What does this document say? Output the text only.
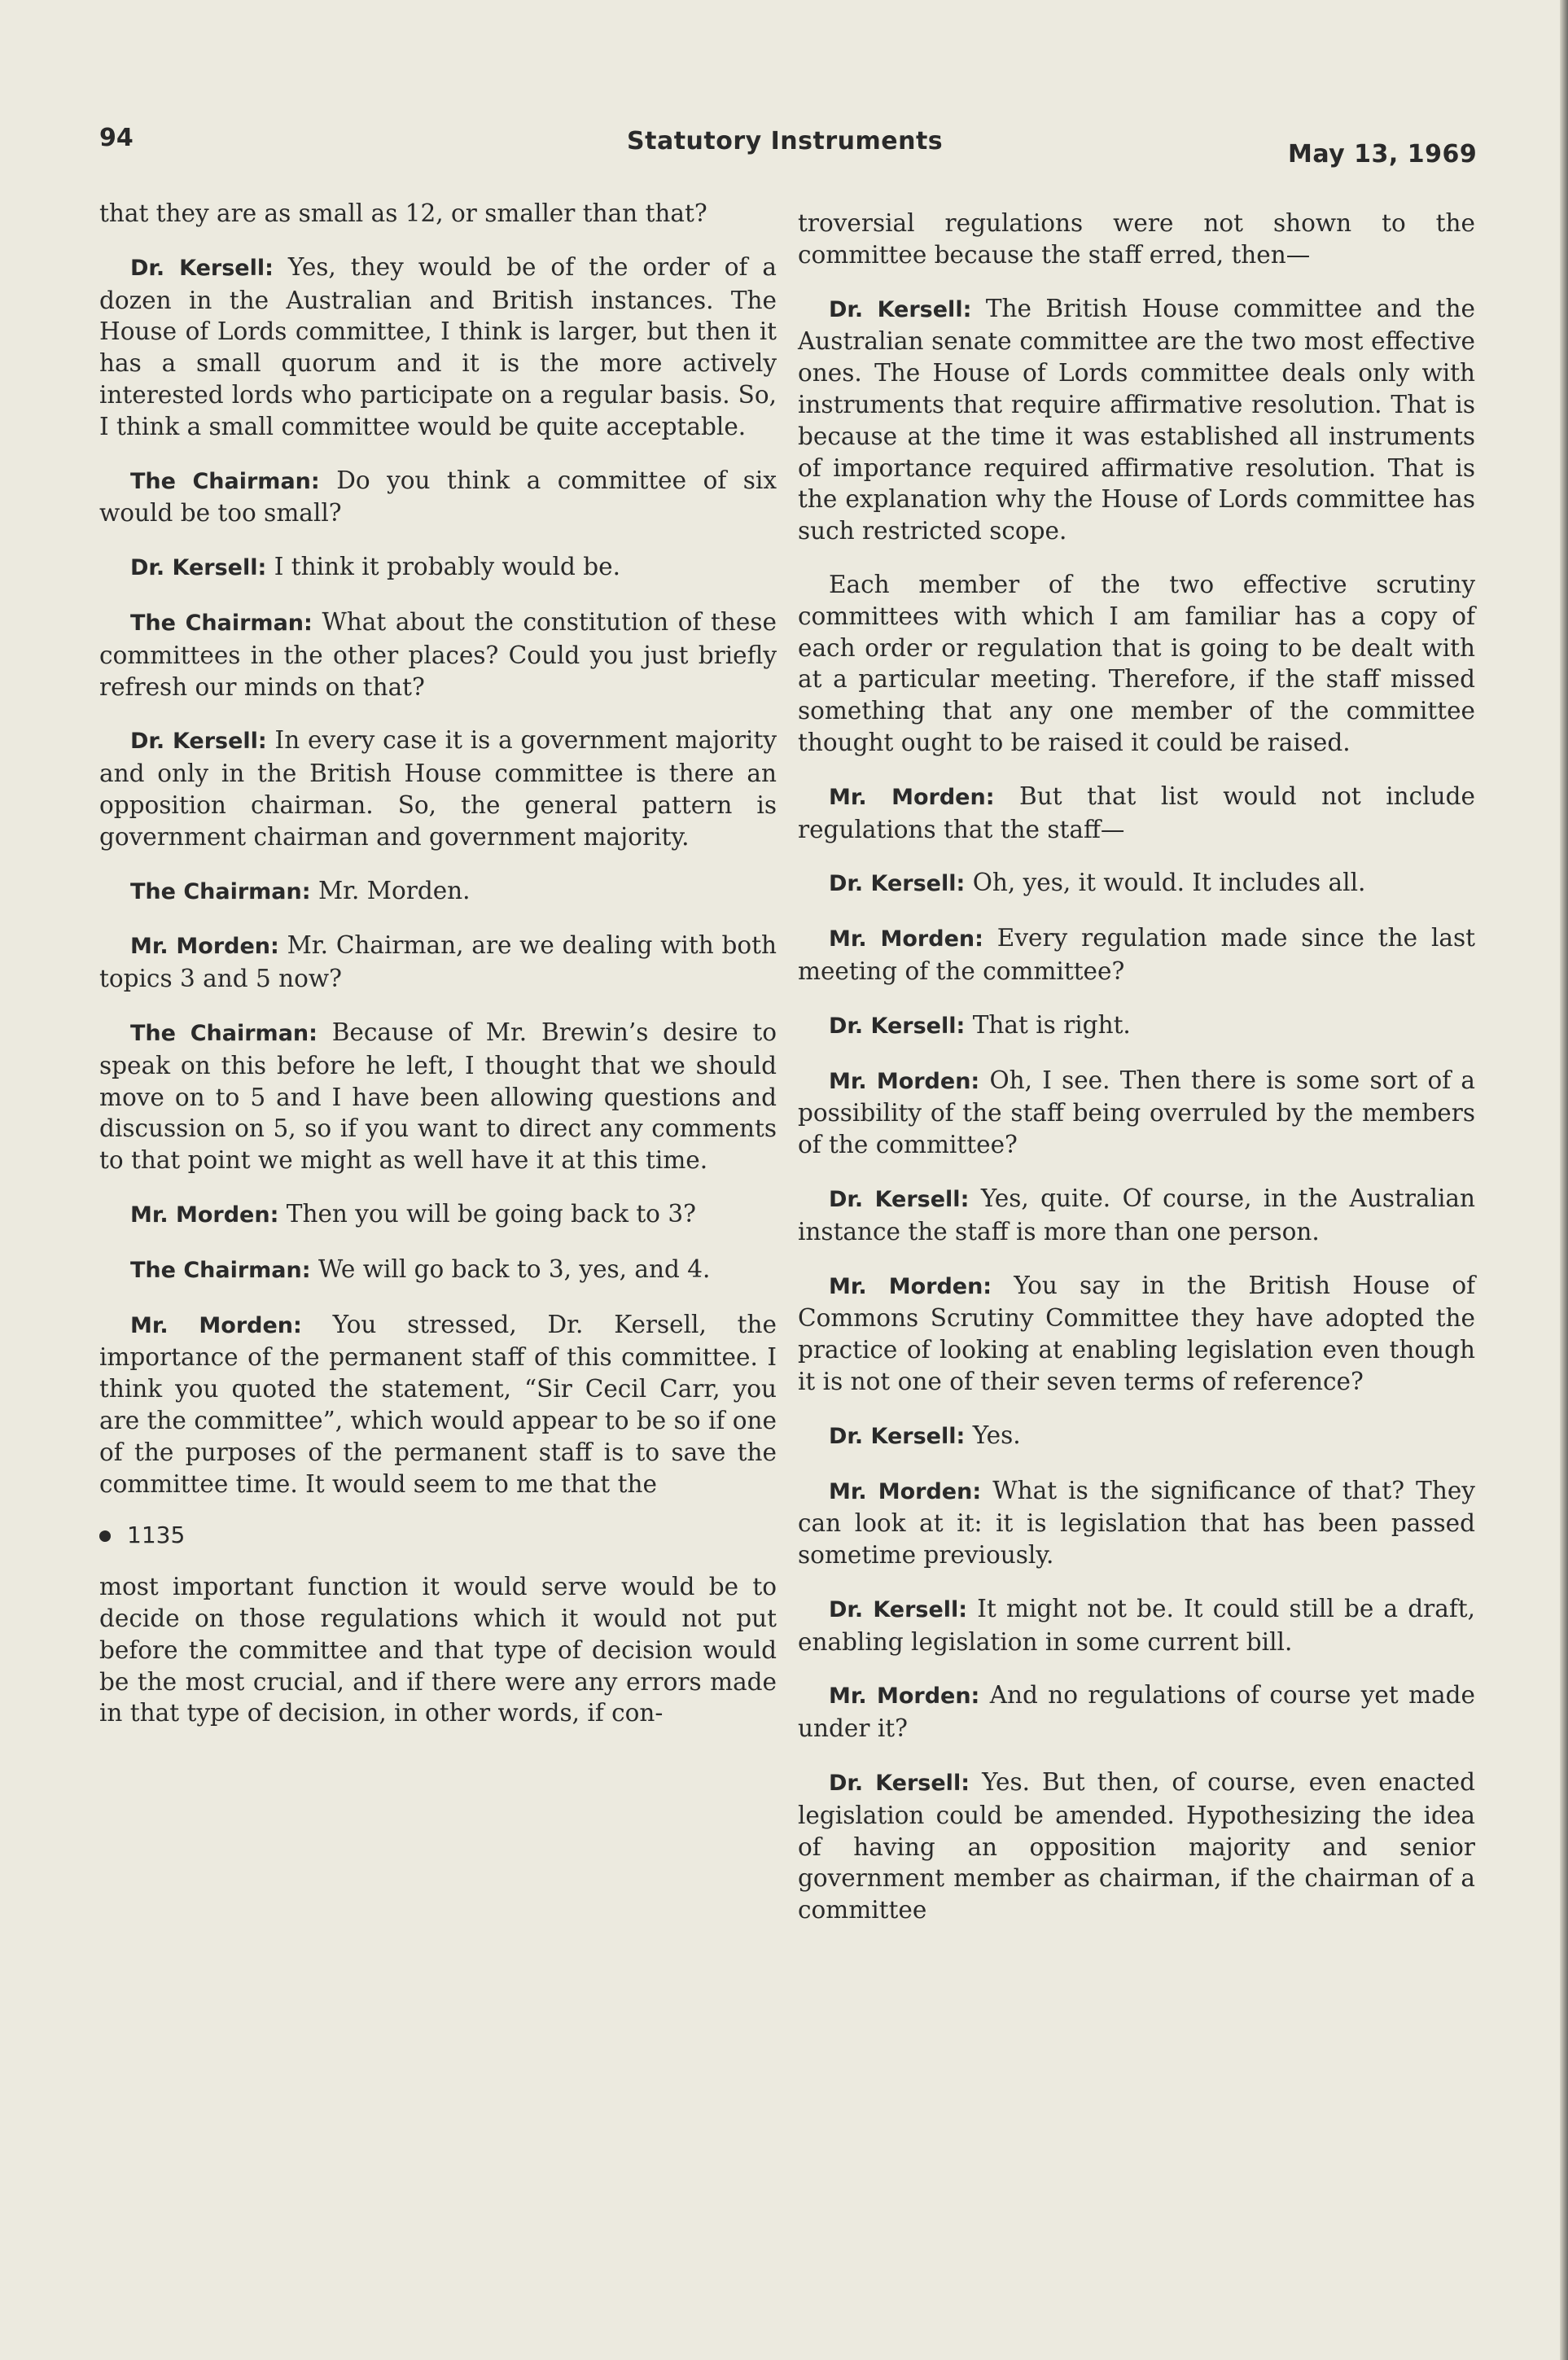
94	Statutory Instruments	May 13, 1969

that they are as small as 12, or smaller than that?

Dr. Kersell: Yes, they would be of the order of a dozen in the Australian and British instances. The House of Lords committee, I think is larger, but then it has a small quorum and it is the more actively interested lords who participate on a regular basis. So, I think a small committee would be quite acceptable.

The Chairman: Do you think a committee of six would be too small?

Dr. Kersell: I think it probably would be.

The Chairman: What about the constitution of these committees in the other places? Could you just briefly refresh our minds on that?

Dr. Kersell: In every case it is a government majority and only in the British House committee is there an opposition chairman. So, the general pattern is government chairman and government majority.

The Chairman: Mr. Morden.

Mr. Morden: Mr. Chairman, are we dealing with both topics 3 and 5 now?

The Chairman: Because of Mr. Brewin’s desire to speak on this before he left, I thought that we should move on to 5 and I have been allowing questions and discussion on 5, so if you want to direct any comments to that point we might as well have it at this time.

Mr. Morden: Then you will be going back to 3?

The Chairman: We will go back to 3, yes, and 4.

Mr. Morden: You stressed, Dr. Kersell, the importance of the permanent staff of this committee. I think you quoted the statement, “Sir Cecil Carr, you are the committee”, which would appear to be so if one of the purposes of the permanent staff is to save the committee time. It would seem to me that the

1135

most important function it would serve would be to decide on those regulations which it would not put before the committee and that type of decision would be the most crucial, and if there were any errors made in that type of decision, in other words, if con-

troversial regulations were not shown to the committee because the staff erred, then—

Dr. Kersell: The British House committee and the Australian senate committee are the two most effective ones. The House of Lords committee deals only with instruments that require affirmative resolution. That is because at the time it was established all instruments of importance required affirmative resolution. That is the explanation why the House of Lords committee has such restricted scope.

Each member of the two effective scrutiny committees with which I am familiar has a copy of each order or regulation that is going to be dealt with at a particular meeting. Therefore, if the staff missed something that any one member of the committee thought ought to be raised it could be raised.

Mr. Morden: But that list would not include regulations that the staff—

Dr. Kersell: Oh, yes, it would. It includes all.

Mr. Morden: Every regulation made since the last meeting of the committee?

Dr. Kersell: That is right.

Mr. Morden: Oh, I see. Then there is some sort of a possibility of the staff being overruled by the members of the committee?

Dr. Kersell: Yes, quite. Of course, in the Australian instance the staff is more than one person.

Mr. Morden: You say in the British House of Commons Scrutiny Committee they have adopted the practice of looking at enabling legislation even though it is not one of their seven terms of reference?

Dr. Kersell: Yes.

Mr. Morden: What is the significance of that? They can look at it: it is legislation that has been passed sometime previously.

Dr. Kersell: It might not be. It could still be a draft, enabling legislation in some current bill.

Mr. Morden: And no regulations of course yet made under it?

Dr. Kersell: Yes. But then, of course, even enacted legislation could be amended. Hypothesizing the idea of having an opposition majority and senior government member as chairman, if the chairman of a committee
